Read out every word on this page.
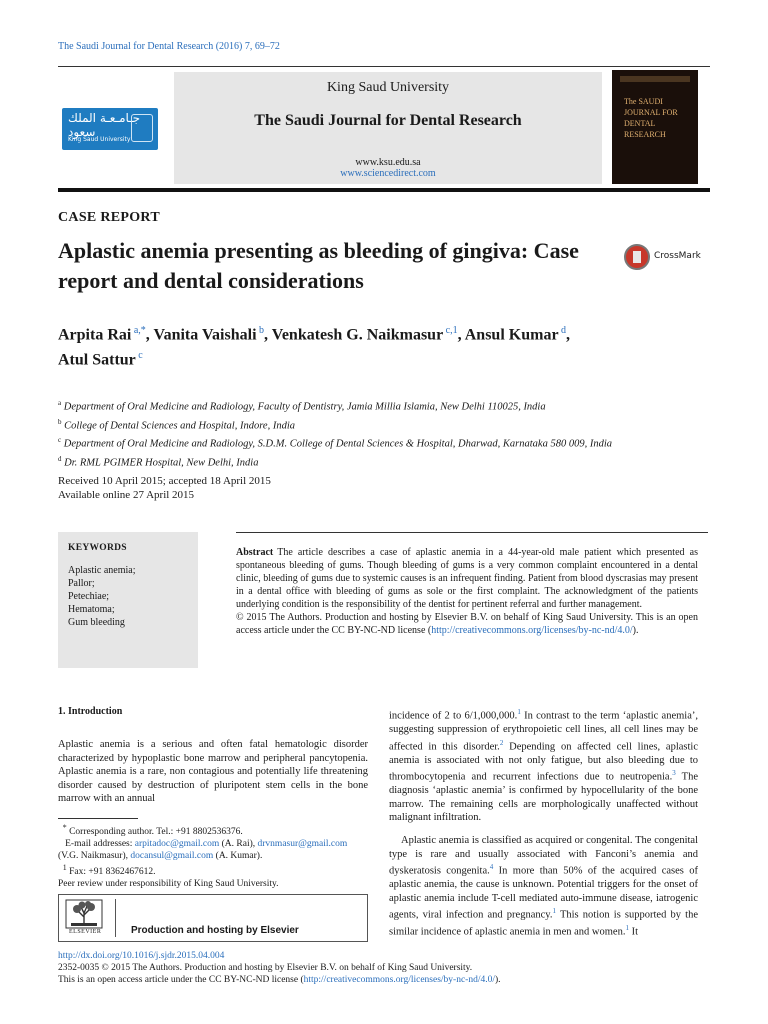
The Saudi Journal for Dental Research (2016) 7, 69–72
جـامـعـة الملك سعود
King Saud University
King Saud University
The Saudi Journal for Dental Research
www.ksu.edu.sa
www.sciencedirect.com
The SAUDI JOURNAL FOR DENTAL RESEARCH
CASE REPORT
Aplastic anemia presenting as bleeding of gingiva: Case report and dental considerations
CrossMark
Arpita Rai $^{a,*}$, Vanita Vaishali $^b$, Venkatesh G. Naikmasur $^{c,1}$, Ansul Kumar $^d$,
Atul Sattur $^c$
$^a$ Department of Oral Medicine and Radiology, Faculty of Dentistry, Jamia Millia Islamia, New Delhi 110025, India
$^b$ College of Dental Sciences and Hospital, Indore, India
$^c$ Department of Oral Medicine and Radiology, S.D.M. College of Dental Sciences & Hospital, Dharwad, Karnataka 580 009, India
$^d$ Dr. RML PGIMER Hospital, New Delhi, India
Received 10 April 2015; accepted 18 April 2015
Available online 27 April 2015
KEYWORDS
Aplastic anemia;
Pallor;
Petechiae;
Hematoma;
Gum bleeding
Abstract The article describes a case of aplastic anemia in a 44-year-old male patient which presented as spontaneous bleeding of gums. Though bleeding of gums is a very common complaint encountered in a dental clinic, bleeding of gums due to systemic causes is an infrequent finding. Patient from blood dyscrasias may present in a dental office with bleeding of gums as sole or the first complaint. The acknowledgment of the patients underlying condition is the responsibility of the dentist for pertinent referral and further management.
© 2015 The Authors. Production and hosting by Elsevier B.V. on behalf of King Saud University. This is an open access article under the CC BY-NC-ND license (http://creativecommons.org/licenses/by-nc-nd/4.0/).
1. Introduction
Aplastic anemia is a serious and often fatal hematologic disorder characterized by hypoplastic bone marrow and peripheral pancytopenia. Aplastic anemia is a rare, non contagious and potentially life threatening disorder caused by destruction of pluripotent stem cells in the bone marrow with an annual
* Corresponding author. Tel.: +91 8802536376.
E-mail addresses: arpitadoc@gmail.com (A. Rai), drvnmasur@gmail.com (V.G. Naikmasur), docansul@gmail.com (A. Kumar).
$^1$ Fax: +91 8362467612.
Peer review under responsibility of King Saud University.
ELSEVIER	Production and hosting by Elsevier
incidence of 2 to 6/1,000,000.$^1$ In contrast to the term ‘aplastic anemia’, suggesting suppression of erythropoietic cell lines, all cell lines may be affected in this disorder.$^2$ Depending on affected cell lines, aplastic anemia is associated with not only fatigue, but also bleeding due to thrombocytopenia and recurrent infections due to neutropenia.$^3$ The diagnosis ‘aplastic anemia’ is confirmed by hypocellularity of the bone marrow. The remaining cells are morphologically unaffected without malignant infiltration.
Aplastic anemia is classified as acquired or congenital. The congenital type is rare and usually associated with Fanconi’s anemia and dyskeratosis congenita.$^4$ In more than 50% of the acquired cases of aplastic anemia, the cause is unknown. Potential triggers for the onset of aplastic anemia include T-cell mediated auto-immune disease, iatrogenic agents, viral infection and pregnancy.$^1$ This notion is supported by the similar incidence of aplastic anemia in men and women.$^1$ It
http://dx.doi.org/10.1016/j.sjdr.2015.04.004
2352-0035 © 2015 The Authors. Production and hosting by Elsevier B.V. on behalf of King Saud University.
This is an open access article under the CC BY-NC-ND license (http://creativecommons.org/licenses/by-nc-nd/4.0/).
